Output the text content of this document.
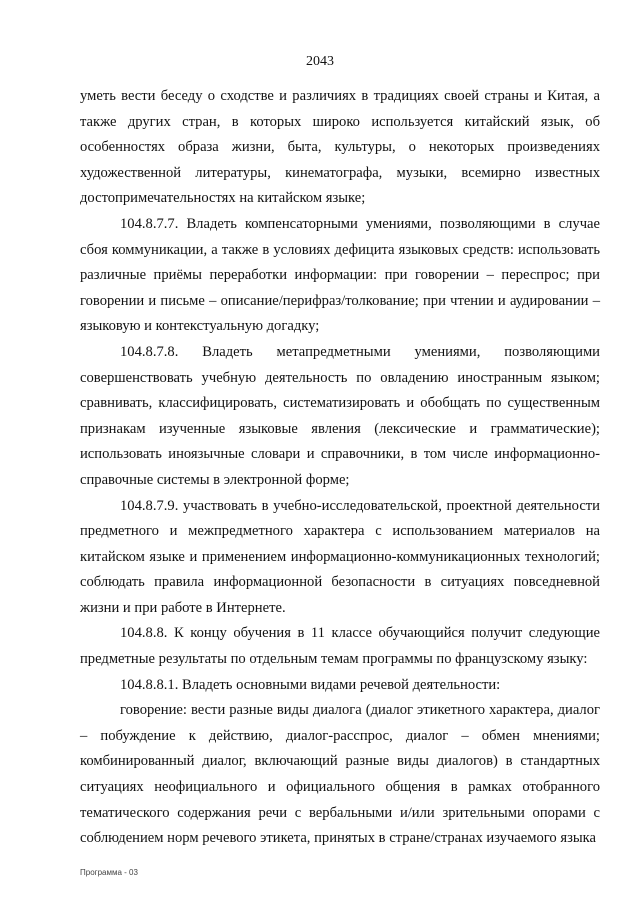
2043

уметь вести беседу о сходстве и различиях в традициях своей страны и Китая, а также других стран, в которых широко используется китайский язык, об особенностях образа жизни, быта, культуры, о некоторых произведениях художественной литературы, кинематографа, музыки, всемирно известных достопримечательностях на китайском языке;

104.8.7.7. Владеть компенсаторными умениями, позволяющими в случае сбоя коммуникации, а также в условиях дефицита языковых средств: использовать различные приёмы переработки информации: при говорении – переспрос; при говорении и письме – описание/перифраз/толкование; при чтении и аудировании – языковую и контекстуальную догадку;

104.8.7.8. Владеть метапредметными умениями, позволяющими совершенствовать учебную деятельность по овладению иностранным языком; сравнивать, классифицировать, систематизировать и обобщать по существенным признакам изученные языковые явления (лексические и грамматические); использовать иноязычные словари и справочники, в том числе информационно-справочные системы в электронной форме;

104.8.7.9. участвовать в учебно-исследовательской, проектной деятельности предметного и межпредметного характера с использованием материалов на китайском языке и применением информационно-коммуникационных технологий; соблюдать правила информационной безопасности в ситуациях повседневной жизни и при работе в Интернете.

104.8.8. К концу обучения в 11 классе обучающийся получит следующие предметные результаты по отдельным темам программы по французскому языку:

104.8.8.1. Владеть основными видами речевой деятельности:

говорение: вести разные виды диалога (диалог этикетного характера, диалог – побуждение к действию, диалог-расспрос, диалог – обмен мнениями; комбинированный диалог, включающий разные виды диалогов) в стандартных ситуациях неофициального и официального общения в рамках отобранного тематического содержания речи с вербальными и/или зрительными опорами с соблюдением норм речевого этикета, принятых в стране/странах изучаемого языка

Программа - 03
